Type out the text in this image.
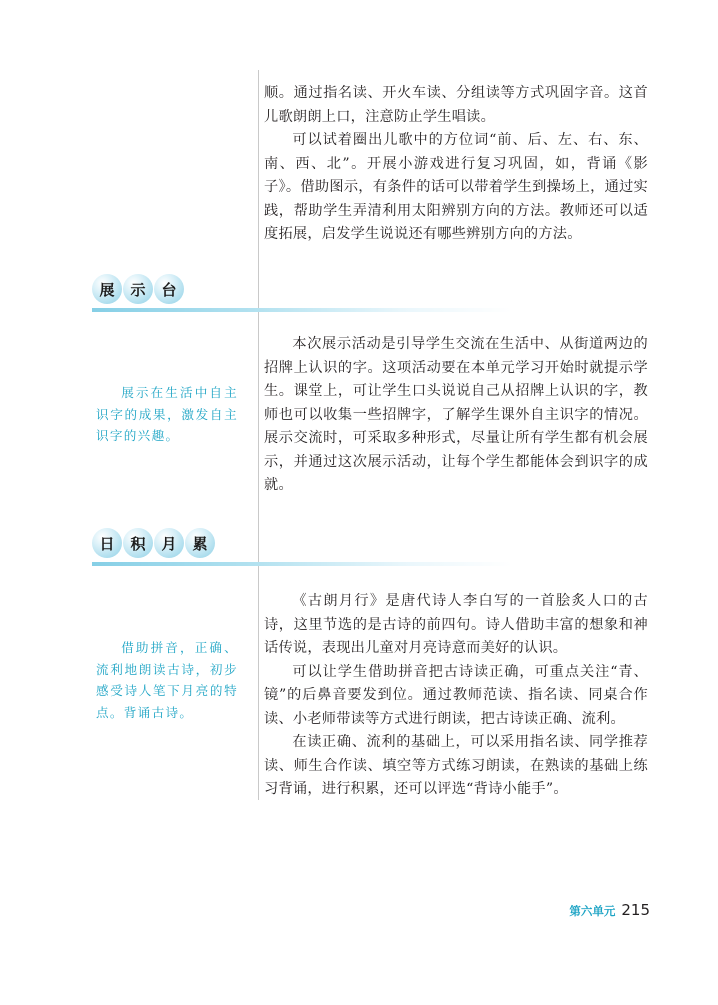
顺。通过指名读、开火车读、分组读等方式巩固字音。这首儿歌朗朗上口，注意防止学生唱读。

可以试着圈出儿歌中的方位词“前、后、左、右、东、南、西、北”。开展小游戏进行复习巩固，如，背诵《影子》。借助图示，有条件的话可以带着学生到操场上，通过实践，帮助学生弄清利用太阳辨别方向的方法。教师还可以适度拓展，启发学生说说还有哪些辨别方向的方法。

展	示	台

展示在生活中自主识字的成果，激发自主识字的兴趣。

本次展示活动是引导学生交流在生活中、从街道两边的招牌上认识的字。这项活动要在本单元学习开始时就提示学生。课堂上，可让学生口头说说自己从招牌上认识的字，教师也可以收集一些招牌字，了解学生课外自主识字的情况。展示交流时，可采取多种形式，尽量让所有学生都有机会展示，并通过这次展示活动，让每个学生都能体会到识字的成就。

日	积	月	累

借助拼音，正确、流利地朗读古诗，初步感受诗人笔下月亮的特点。背诵古诗。

《古朗月行》是唐代诗人李白写的一首脍炙人口的古诗，这里节选的是古诗的前四句。诗人借助丰富的想象和神话传说，表现出儿童对月亮诗意而美好的认识。

可以让学生借助拼音把古诗读正确，可重点关注“青、镜”的后鼻音要发到位。通过教师范读、指名读、同桌合作读、小老师带读等方式进行朗读，把古诗读正确、流利。

在读正确、流利的基础上，可以采用指名读、同学推荐读、师生合作读、填空等方式练习朗读，在熟读的基础上练习背诵，进行积累，还可以评选“背诗小能手”。

第六单元 215
